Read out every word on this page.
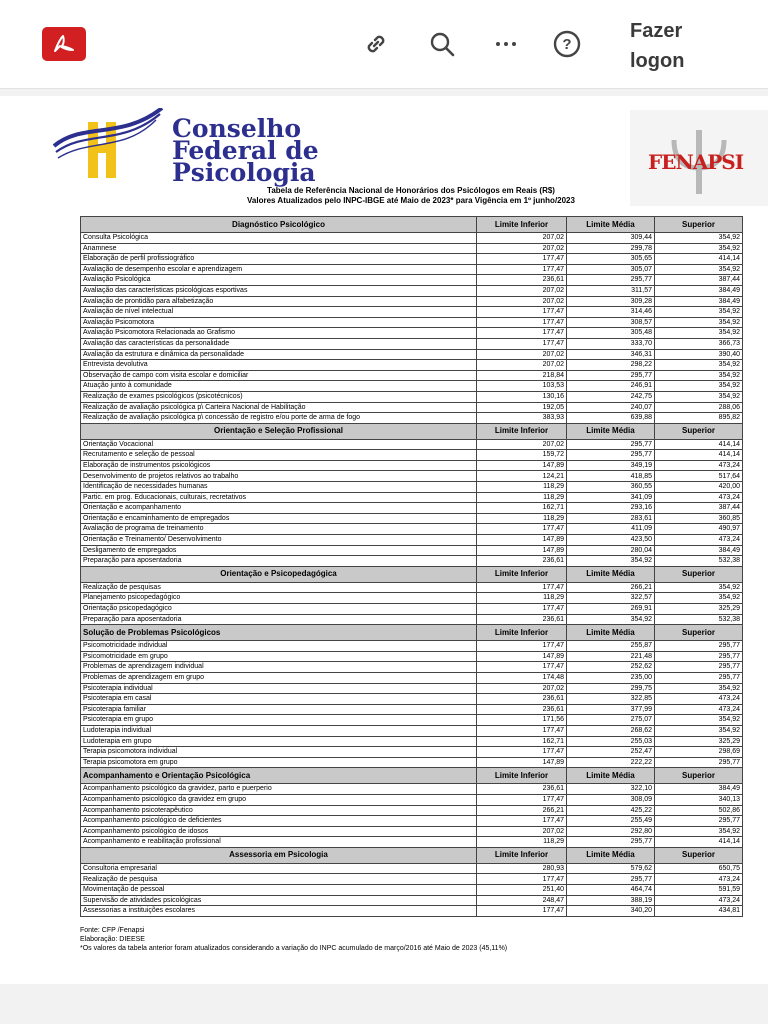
?
Fazer logon
Conselho
Federal de
Psicologia	FENAPSI
Tabela de Referência Nacional de Honorários dos Psicólogos em Reais (R$)
Valores Atualizados pelo INPC-IBGE até Maio de 2023* para Vigência em 1º junho/2023
Diagnóstico Psicológico	Limite Inferior	Limite Média	Superior
Consulta Psicológica	207,02	309,44	354,92
Anamnese	207,02	299,78	354,92
Elaboração de perfil profissiográfico	177,47	305,65	414,14
Avaliação de desempenho escolar e aprendizagem	177,47	305,07	354,92
Avaliação Psicológica	236,61	295,77	387,44
Avaliação das características psicológicas esportivas	207,02	311,57	384,49
Avaliação de prontidão para alfabetização	207,02	309,28	384,49
Avaliação de nível intelectual	177,47	314,46	354,92
Avaliação Psicomotora	177,47	308,57	354,92
Avaliação Psicomotora Relacionada ao Grafismo	177,47	305,48	354,92
Avaliação das características da personalidade	177,47	333,70	366,73
Avaliação da estrutura e dinâmica da personalidade	207,02	346,31	390,40
Entrevista devolutiva	207,02	298,22	354,92
Observação de campo com visita escolar e domiciliar	218,84	295,77	354,92
Atuação junto à comunidade	103,53	246,91	354,92
Realização de exames psicológicos (psicotécnicos)	130,16	242,75	354,92
Realização de avaliação psicológica p\ Carteira Nacional de Habilitação	192,05	240,07	288,06
Realização de avaliação psicológica p\ concessão de registro e/ou porte de arma de fogo	383,93	639,88	895,82
Orientação e Seleção Profissional	Limite Inferior	Limite Média	Superior
Orientação Vocacional	207,02	295,77	414,14
Recrutamento e seleção de pessoal	159,72	295,77	414,14
Elaboração de instrumentos psicológicos	147,89	349,19	473,24
Desenvolvimento de projetos relativos ao trabalho	124,21	418,85	517,64
Identificação de necessidades humanas	118,29	360,55	420,00
Partic. em prog. Educacionais, culturais, recretativos	118,29	341,09	473,24
Orientação e acompanhamento	162,71	293,16	387,44
Orientação e encaminhamento de empregados	118,29	283,61	360,85
Avaliação de programa de treinamento	177,47	411,09	490,97
Orientação e Treinamento/ Desenvolvimento	147,89	423,50	473,24
Desligamento de empregados	147,89	280,04	384,49
Preparação para aposentadoria	236,61	354,92	532,38
Orientação e Psicopedagógica	Limite Inferior	Limite Média	Superior
Realização de pesquisas	177,47	266,21	354,92
Planejamento psicopedagógico	118,29	322,57	354,92
Orientação psicopedagógico	177,47	269,91	325,29
Preparação para aposentadoria	236,61	354,92	532,38
Solução de Problemas Psicológicos	Limite Inferior	Limite Média	Superior
Psicomotricidade individual	177,47	255,87	295,77
Psicomotricidade em grupo	147,89	221,48	295,77
Problemas de aprendizagem individual	177,47	252,62	295,77
Problemas de aprendizagem em grupo	174,48	235,00	295,77
Psicoterapia individual	207,02	299,75	354,92
Psicoterapia em casal	236,61	322,85	473,24
Psicoterapia familiar	236,61	377,99	473,24
Psicoterapia em grupo	171,56	275,07	354,92
Ludoterapia individual	177,47	268,62	354,92
Ludoterapia em grupo	162,71	255,03	325,29
Terapia psicomotora individual	177,47	252,47	298,69
Terapia psicomotora em grupo	147,89	222,22	295,77
Acompanhamento e Orientação Psicológica	Limite Inferior	Limite Média	Superior
Acompanhamento psicológico da gravidez, parto e puerperio	236,61	322,10	384,49
Acompanhamento psicológico da gravidez em grupo	177,47	308,09	340,13
Acompanhamento psicoterapêutico	266,21	425,22	502,86
Acompanhamento psicológico de deficientes	177,47	255,49	295,77
Acompanhamento psicológico de idosos	207,02	292,80	354,92
Acompanhamento e reabilitação profissional	118,29	295,77	414,14
Assessoria em Psicologia	Limite Inferior	Limite Média	Superior
Consultoria empresarial	280,93	579,62	650,75
Realização de pesquisa	177,47	295,77	473,24
Movimentação de pessoal	251,40	464,74	591,59
Supervisão de atividades psicológicas	248,47	388,19	473,24
Assessorias a instituições escolares	177,47	340,20	434,81
Fonte: CFP /Fenapsi
Elaboração: DIEESE
*Os valores da tabela anterior foram atualizados considerando a variação do INPC acumulado de março/2016 até Maio de 2023 (45,11%)
